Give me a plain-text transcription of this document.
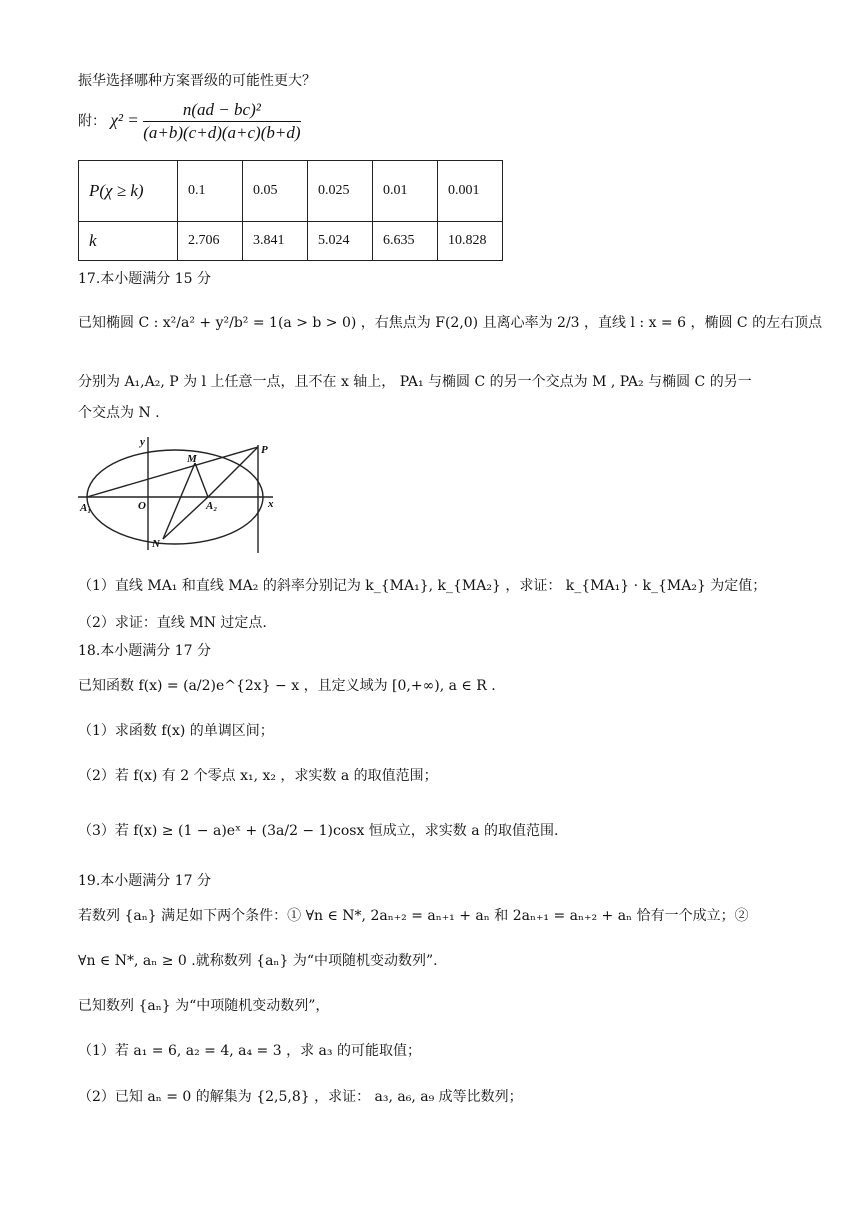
振华选择哪种方案晋级的可能性更大？
附： $\chi^2 = \frac{\text{n(ad − bc)²}}{(a+b)(c+d)(a+c)(b+d)}$
P(χ ≥ k)	0.1	0.05	0.025	0.01	0.001
k	2.706	3.841	5.024	6.635	10.828
17.本小题满分 15 分
已知椭圆 C : x²/a² + y²/b² = 1(a > b > 0) ，右焦点为 F(2,0) 且离心率为 2/3 ，直线 l : x = 6 ，椭圆 C 的左右顶点
分别为 A₁,A₂, P 为 l 上任意一点，且不在 x 轴上， PA₁ 与椭圆 C 的另一个交点为 M , PA₂ 与椭圆 C 的另一
个交点为 N .
y
M
P
A₁	O	A₂	x
N
（1）直线 MA₁ 和直线 MA₂ 的斜率分别记为 k_{MA₁}, k_{MA₂} ，求证： k_{MA₁} · k_{MA₂} 为定值；
（2）求证：直线 MN 过定点.
18.本小题满分 17 分
已知函数 f(x) = (a/2)e^{2x} − x ，且定义域为 [0,+∞), a ∈ R .
（1）求函数 f(x) 的单调区间；
（2）若 f(x) 有 2 个零点 x₁, x₂ ，求实数 a 的取值范围；
（3）若 f(x) ≥ (1 − a)eˣ + (3a/2 − 1)cosx 恒成立，求实数 a 的取值范围.
19.本小题满分 17 分
若数列 {aₙ} 满足如下两个条件：① ∀n ∈ N*, 2aₙ₊₂ = aₙ₊₁ + aₙ 和 2aₙ₊₁ = aₙ₊₂ + aₙ 恰有一个成立；②
∀n ∈ N*, aₙ ≥ 0 .就称数列 {aₙ} 为“中项随机变动数列”.
已知数列 {aₙ} 为“中项随机变动数列”，
（1）若 a₁ = 6, a₂ = 4, a₄ = 3 ，求 a₃ 的可能取值；
（2）已知 aₙ = 0 的解集为 {2,5,8} ，求证： a₃, a₆, a₉ 成等比数列；
